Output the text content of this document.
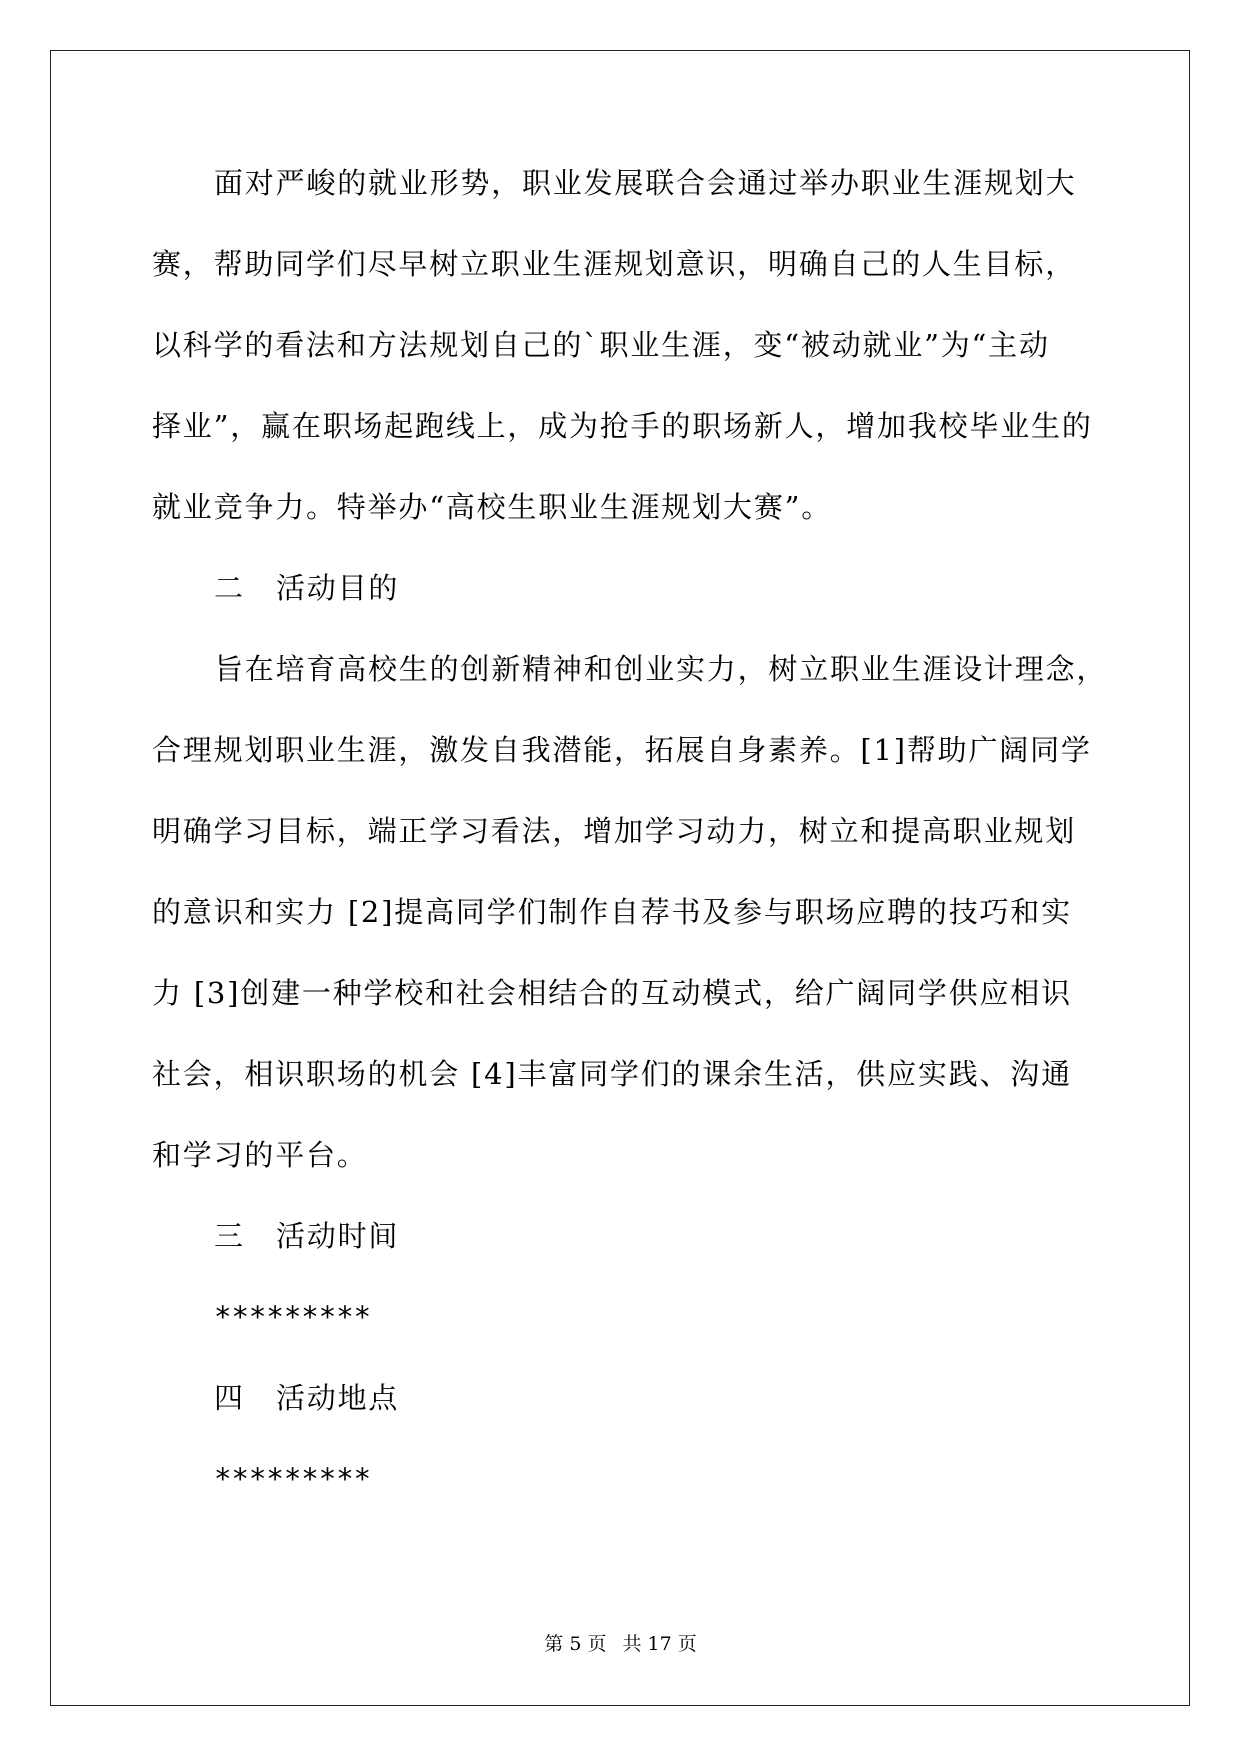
面对严峻的就业形势，职业发展联合会通过举办职业生涯规划大
赛，帮助同学们尽早树立职业生涯规划意识，明确自己的人生目标，
以科学的看法和方法规划自己的`职业生涯，变“被动就业”为“主动
择业”，赢在职场起跑线上，成为抢手的职场新人，增加我校毕业生的
就业竞争力。特举办“高校生职业生涯规划大赛”。
二 活动目的
旨在培育高校生的创新精神和创业实力，树立职业生涯设计理念，
合理规划职业生涯，激发自我潜能，拓展自身素养。[1]帮助广阔同学
明确学习目标，端正学习看法，增加学习动力，树立和提高职业规划
的意识和实力 [2]提高同学们制作自荐书及参与职场应聘的技巧和实
力 [3]创建一种学校和社会相结合的互动模式，给广阔同学供应相识
社会，相识职场的机会 [4]丰富同学们的课余生活，供应实践、沟通
和学习的平台。
三 活动时间
*********
四 活动地点
*********
第 5 页 共 17 页
